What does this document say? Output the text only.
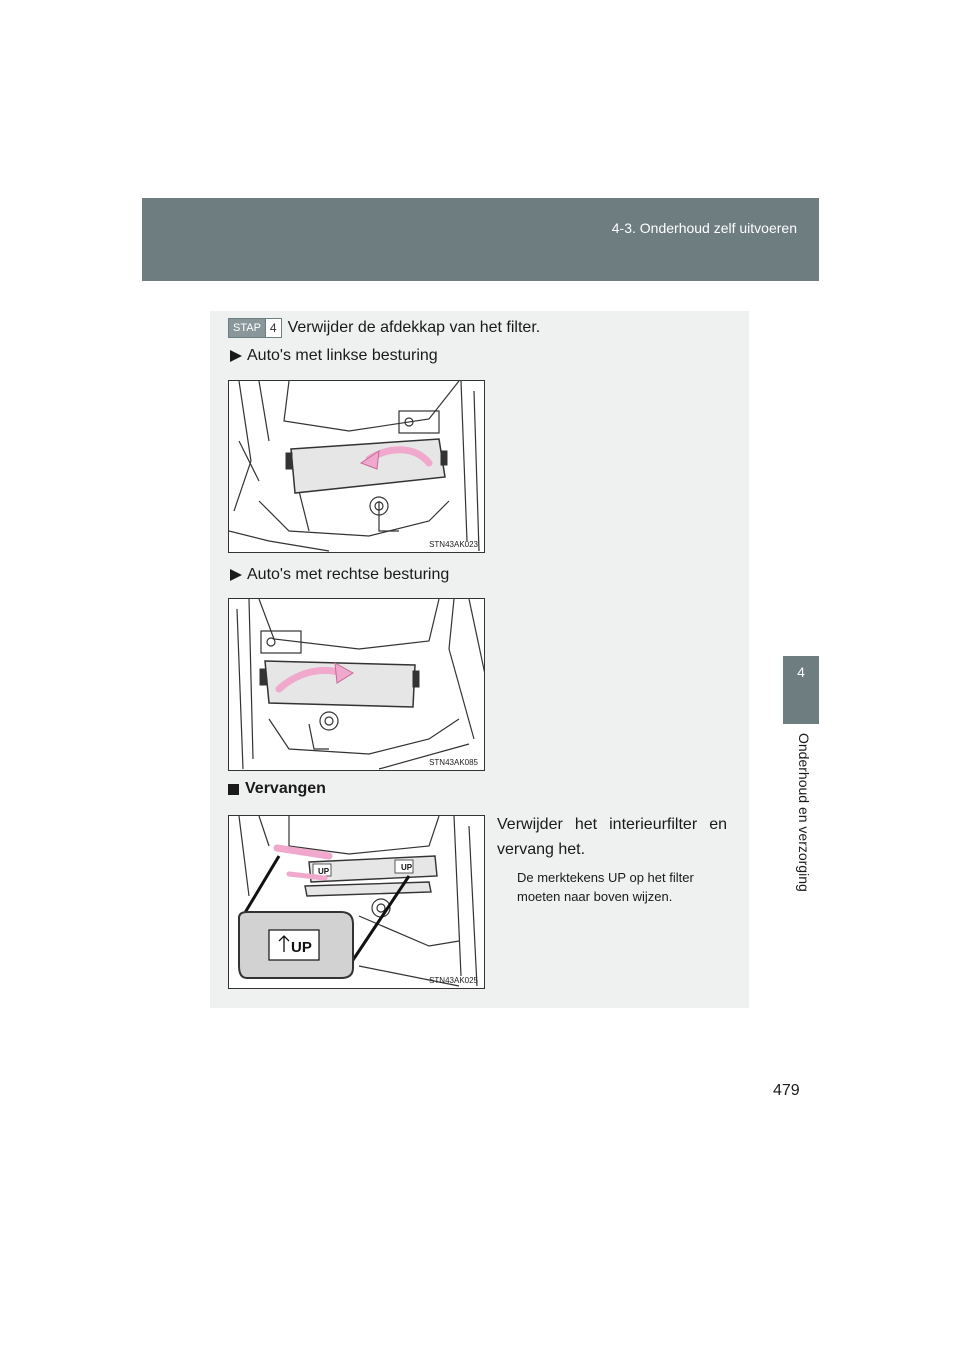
4-3. Onderhoud zelf uitvoeren
4
Onderhoud en verzorging
STAP 4 Verwijder de afdekkap van het filter.
Auto's met linkse besturing
STN43AK023
Auto's met rechtse besturing
STN43AK085
Vervangen
UP	UP
UP
STN43AK025

Verwijder het interieurfilter en vervang het.

De merktekens UP op het filter moeten naar boven wijzen.

479
